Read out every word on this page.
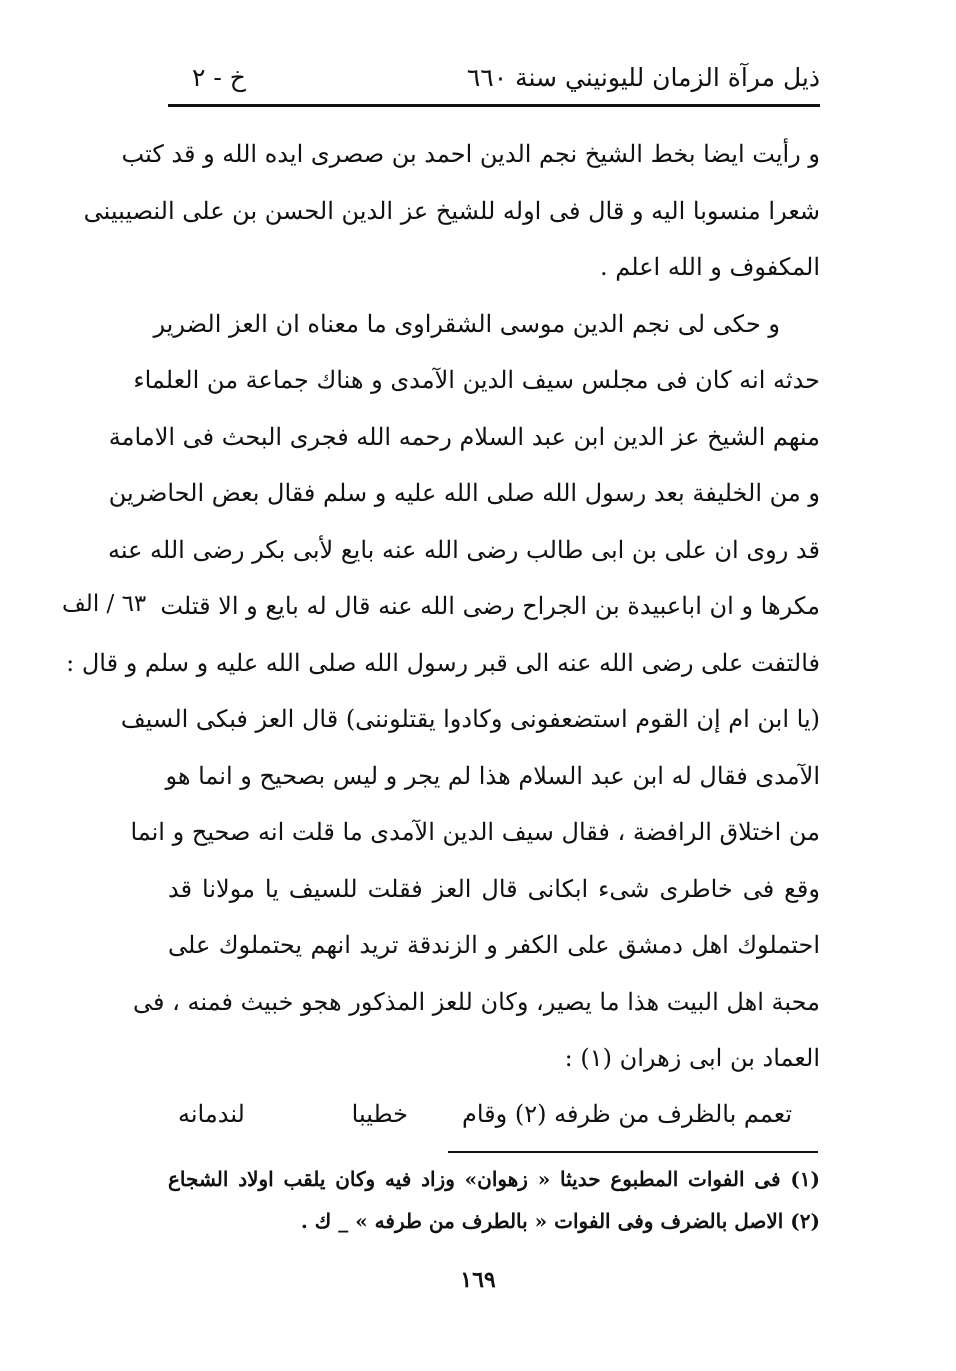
ذيل مرآة الزمان لليونيني سنة ٦٦٠
خ - ٢
و رأيت ايضا بخط الشيخ نجم الدين احمد بن صصرى ايده الله و قد كتب
شعرا منسوبا اليه و قال فى اوله للشيخ عز الدين الحسن بن على النصيبينى
المكفوف و الله اعلم .
و حكى لى نجم الدين موسى الشقراوى ما معناه ان العز الضرير
حدثه انه كان فى مجلس سيف الدين الآمدى و هناك جماعة من العلماء
منهم الشيخ عز الدين ابن عبد السلام رحمه الله فجرى البحث فى الامامة
و من الخليفة بعد رسول الله صلى الله عليه و سلم فقال بعض الحاضرين
قد روى ان على بن ابى طالب رضى الله عنه بايع لأبى بكر رضى الله عنه
مكرها و ان اباعبيدة بن الجراح رضى الله عنه قال له بايع و الا قتلت
فالتفت على رضى الله عنه الى قبر رسول الله صلى الله عليه و سلم و قال :
(يا ابن ام إن القوم استضعفونى وكادوا يقتلوننى) قال العز فبكى السيف
الآمدى فقال له ابن عبد السلام هذا لم يجر و ليس بصحيح و انما هو
من اختلاق الرافضة ، فقال سيف الدين الآمدى ما قلت انه صحيح و انما
وقع فى خاطرى شىء ابكانى قال العز فقلت للسيف يا مولانا قد
احتملوك اهل دمشق على الكفر و الزندقة تريد انهم يحتملوك على
محبة اهل البيت هذا ما يصير، وكان للعز المذكور هجو خبيث فمنه ، فى
العماد بن ابى زهران (١) :
٦٣ / الف
تعمم بالظرف من ظرفه (٢) وقام
خطيبا لندمانه
(١) فى الفوات المطبوع حديثا « زهوان» وزاد فيه وكان يلقب اولاد الشجاع
(٢) الاصل بالضرف وفى الفوات « بالطرف من طرفه » _ ك .
١٦٩
